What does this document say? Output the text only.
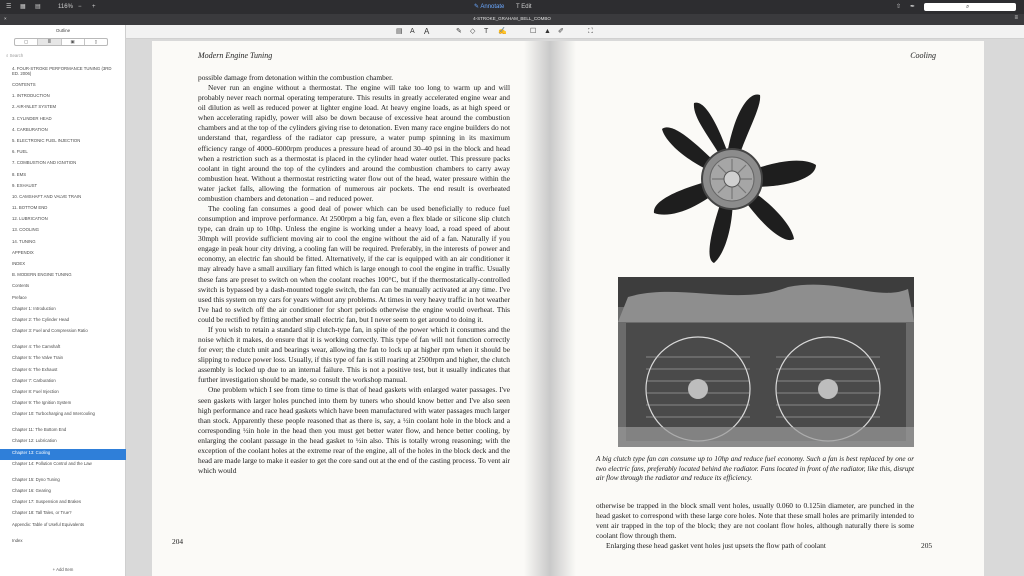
☰ ▦ ▤	116% − +	✎ Annotate T Edit	⇧ ✒	⌕
×	4-STROKE_GRAHAM_BELL_COMBO	≡
Outline
▢	≣	▣	▯
⌕ Search
4. FOUR-STROKE PERFORMANCE TUNING (3RD ED. 2006)
CONTENTS
1. INTRODUCTION
2. AIR-INLET SYSTEM
3. CYLINDER HEAD
4. CARBURATION
5. ELECTRONIC FUEL INJECTION
6. FUEL
7. COMBUSTION AND IGNITION
8. EMS
9. EXHAUST
10. CAMSHAFT AND VALVE TRAIN
11. BOTTOM END
12. LUBRICATION
13. COOLING
14. TUNING
APPENDIX
INDEX
B. MODERN ENGINE TUNING
Contents
Preface
Chapter 1: Introduction
Chapter 2: The Cylinder Head
Chapter 3: Fuel and Compression Ratio
Chapter 4: The Camshaft
Chapter 5: The Valve Train
Chapter 6: The Exhaust
Chapter 7: Carburation
Chapter 8: Fuel Injection
Chapter 9: The Ignition System
Chapter 10: Turbocharging and Intercooling
Chapter 11: The Bottom End
Chapter 12: Lubrication
Chapter 13: Cooling
Chapter 14: Pollution Control and the Law
Chapter 15: Dyno Tuning
Chapter 16: Gearing
Chapter 17: Suspension and Brakes
Chapter 18: Tall Tales, or True?
Appendix: Table of Useful Equivalents
Index
+ Add Item
▤ A A	✎ ◇ T ✍	☐ ▲ ✐	⛶
Modern Engine Tuning

possible damage from detonation within the combustion chamber.

Never run an engine without a thermostat. The engine will take too long to warm up and will probably never reach normal operating temperature. This results in greatly accelerated engine wear and oil dilution as well as reduced power at lighter engine load. At heavy engine loads, as at high speed or when accelerating rapidly, power will also be down because of excessive heat around the combustion chambers and at the top of the cylinders giving rise to detonation. Even many race engine builders do not understand that, regardless of the radiator cap pressure, a water pump spinning in its maximum efficiency range of 4000–6000rpm produces a pressure head of around 30–40 psi in the block and head when a restriction such as a thermostat is placed in the cylinder head water outlet. This pressure packs coolant in tight around the top of the cylinders and around the combustion chambers to carry away combustion heat. Without a thermostat restricting water flow out of the head, water pressure within the water jacket falls, allowing the formation of numerous air pockets. The end result is overheated combustion chambers and detonation – and reduced power.

The cooling fan consumes a good deal of power which can be used beneficially to reduce fuel consumption and improve performance. At 2500rpm a big fan, even a flex blade or silicone slip clutch type, can drain up to 10hp. Unless the engine is working under a heavy load, a road speed of about 30mph will provide sufficient moving air to cool the engine without the aid of a fan. Naturally if you engage in peak hour city driving, a cooling fan will be required. Preferably, in the interests of power and economy, an electric fan should be fitted. Alternatively, if the car is equipped with an air conditioner it may already have a small auxiliary fan fitted which is large enough to cool the engine in traffic. Usually these fans are preset to switch on when the coolant reaches 100°C, but if the thermostatically-controlled switch is bypassed by a dash-mounted toggle switch, the fan can be manually activated at any time. I've used this system on my cars for years without any problems. At times in very heavy traffic in hot weather I've had to switch off the air conditioner for short periods otherwise the engine would overheat. This could be rectified by fitting another small electric fan, but I never seem to get around to doing it.

If you wish to retain a standard slip clutch-type fan, in spite of the power which it consumes and the noise which it makes, do ensure that it is working correctly. This type of fan will not function correctly for ever; the clutch unit and bearings wear, allowing the fan to lock up at higher rpm when it should be slipping to reduce power loss. Usually, if this type of fan is still roaring at 2500rpm and higher, the clutch assembly is locked up due to an internal failure. This is not a positive test, but it usually indicates that further investigation should be made, so consult the workshop manual.

One problem which I see from time to time is that of head gaskets with enlarged water passages. I've seen gaskets with larger holes punched into them by tuners who should know better and I've also seen high performance and race head gaskets which have been manufactured with water passages much larger than stock. Apparently these people reasoned that as there is, say, a ½in coolant hole in the block and a corresponding ½in hole in the head then you must get better water flow, and hence better cooling, by enlarging the coolant passage in the head gasket to ½in also. This is totally wrong reasoning; with the exception of the coolant holes at the extreme rear of the engine, all of the holes in the block deck and the head are made large to make it easier to get the core sand out at the end of the casting process. To vent air which would

204
Cooling
A big clutch type fan can consume up to 10hp and reduce fuel economy. Such a fan is best replaced by one or two electric fans, preferably located behind the radiator. Fans located in front of the radiator, like this, disrupt air flow through the radiator and reduce its efficiency.

otherwise be trapped in the block small vent holes, usually 0.060 to 0.125in diameter, are punched in the head gasket to correspond with these large core holes. Note that these small holes are primarily intended to vent air trapped in the top of the block; they are not coolant flow holes, although naturally there is some coolant flow through them.

Enlarging these head gasket vent holes just upsets the flow path of coolant	205
